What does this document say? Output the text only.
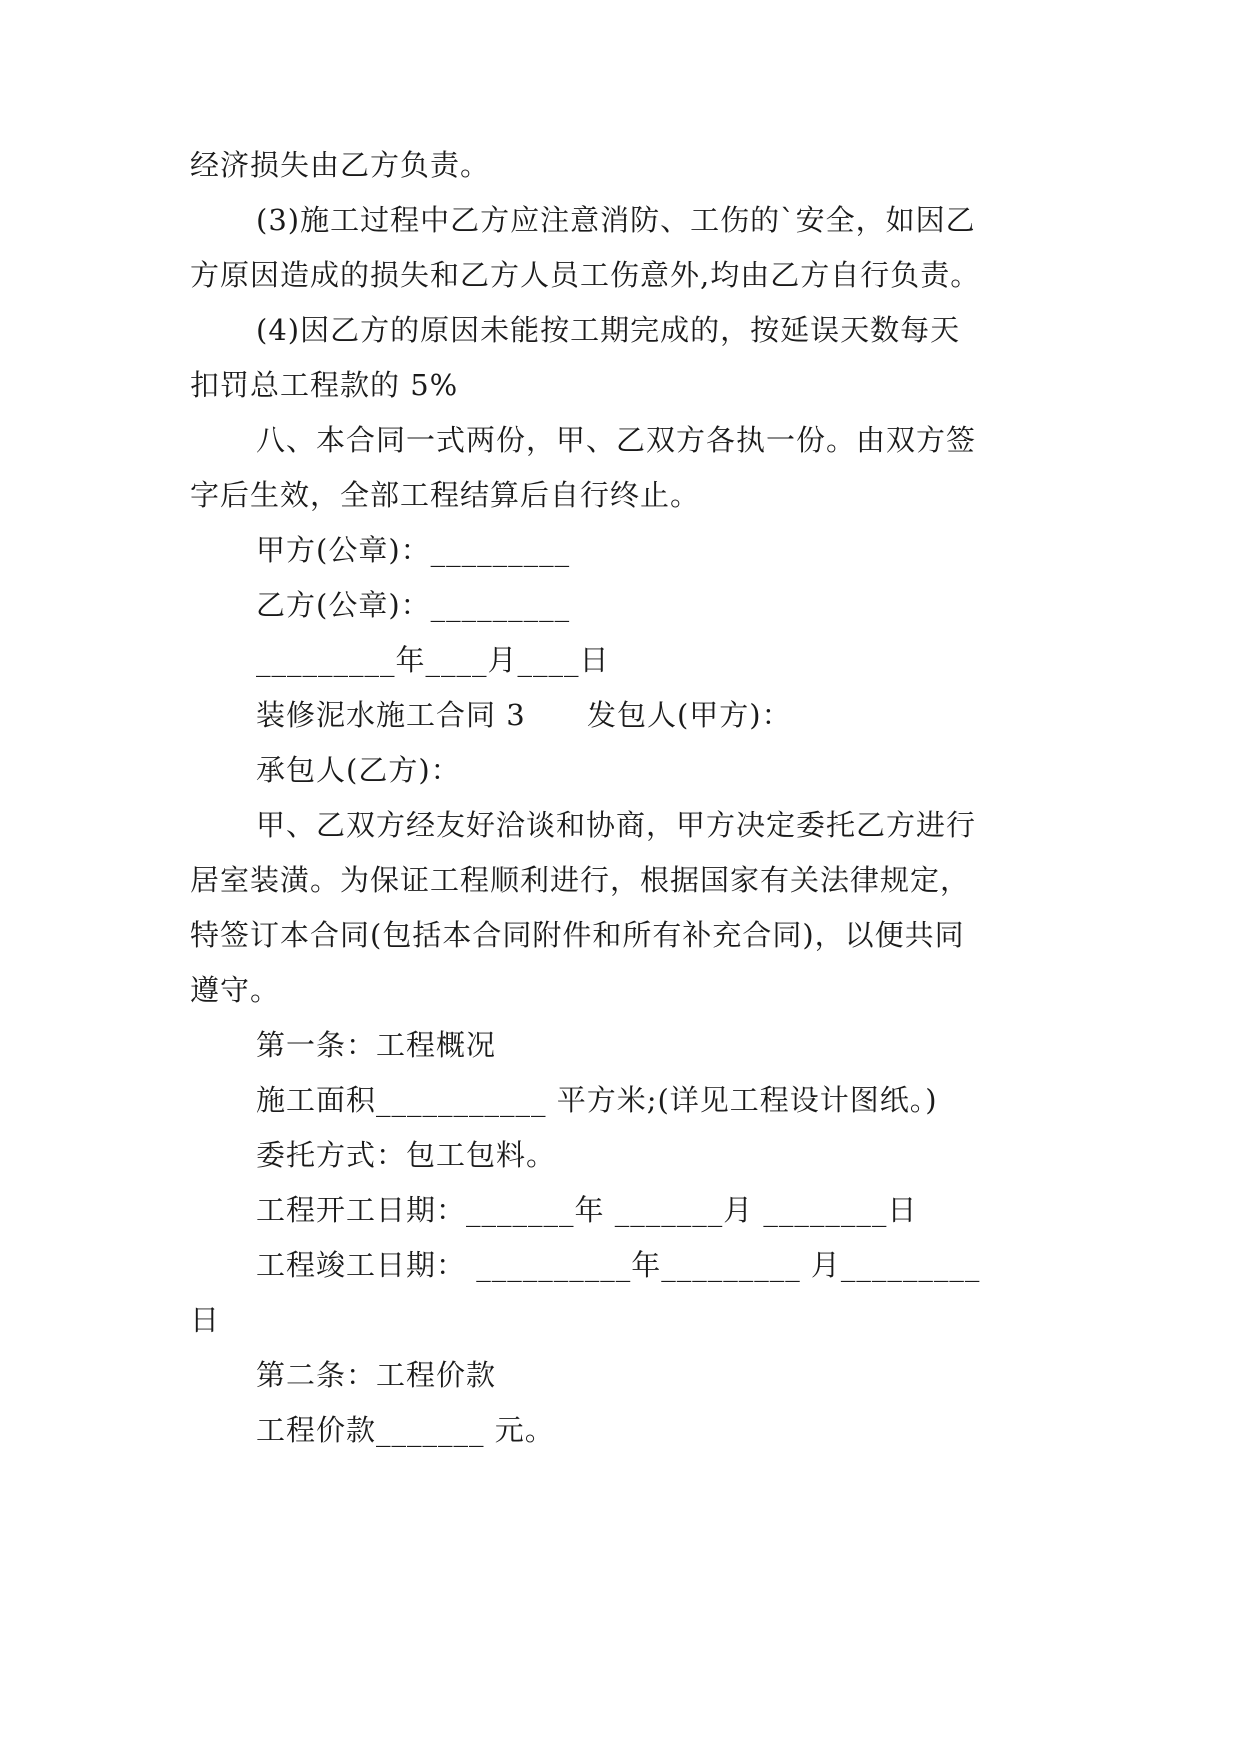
经济损失由乙方负责。
(3)施工过程中乙方应注意消防、工伤的`安全，如因乙
方原因造成的损失和乙方人员工伤意外,均由乙方自行负责。
(4)因乙方的原因未能按工期完成的，按延误天数每天
扣罚总工程款的 5%
八、本合同一式两份，甲、乙双方各执一份。由双方签
字后生效，全部工程结算后自行终止。
甲方(公章)：_________
乙方(公章)：_________
_________年____月____日
装修泥水施工合同 3      发包人(甲方)：
承包人(乙方)：
甲、乙双方经友好洽谈和协商，甲方决定委托乙方进行
居室装潢。为保证工程顺利进行，根据国家有关法律规定，
特签订本合同(包括本合同附件和所有补充合同)，以便共同
遵守。
第一条：工程概况
施工面积___________ 平方米;(详见工程设计图纸。)
委托方式：包工包料。
工程开工日期：_______年 _______月 ________日
工程竣工日期： __________年_________ 月_________
日
第二条：工程价款
工程价款_______ 元。
